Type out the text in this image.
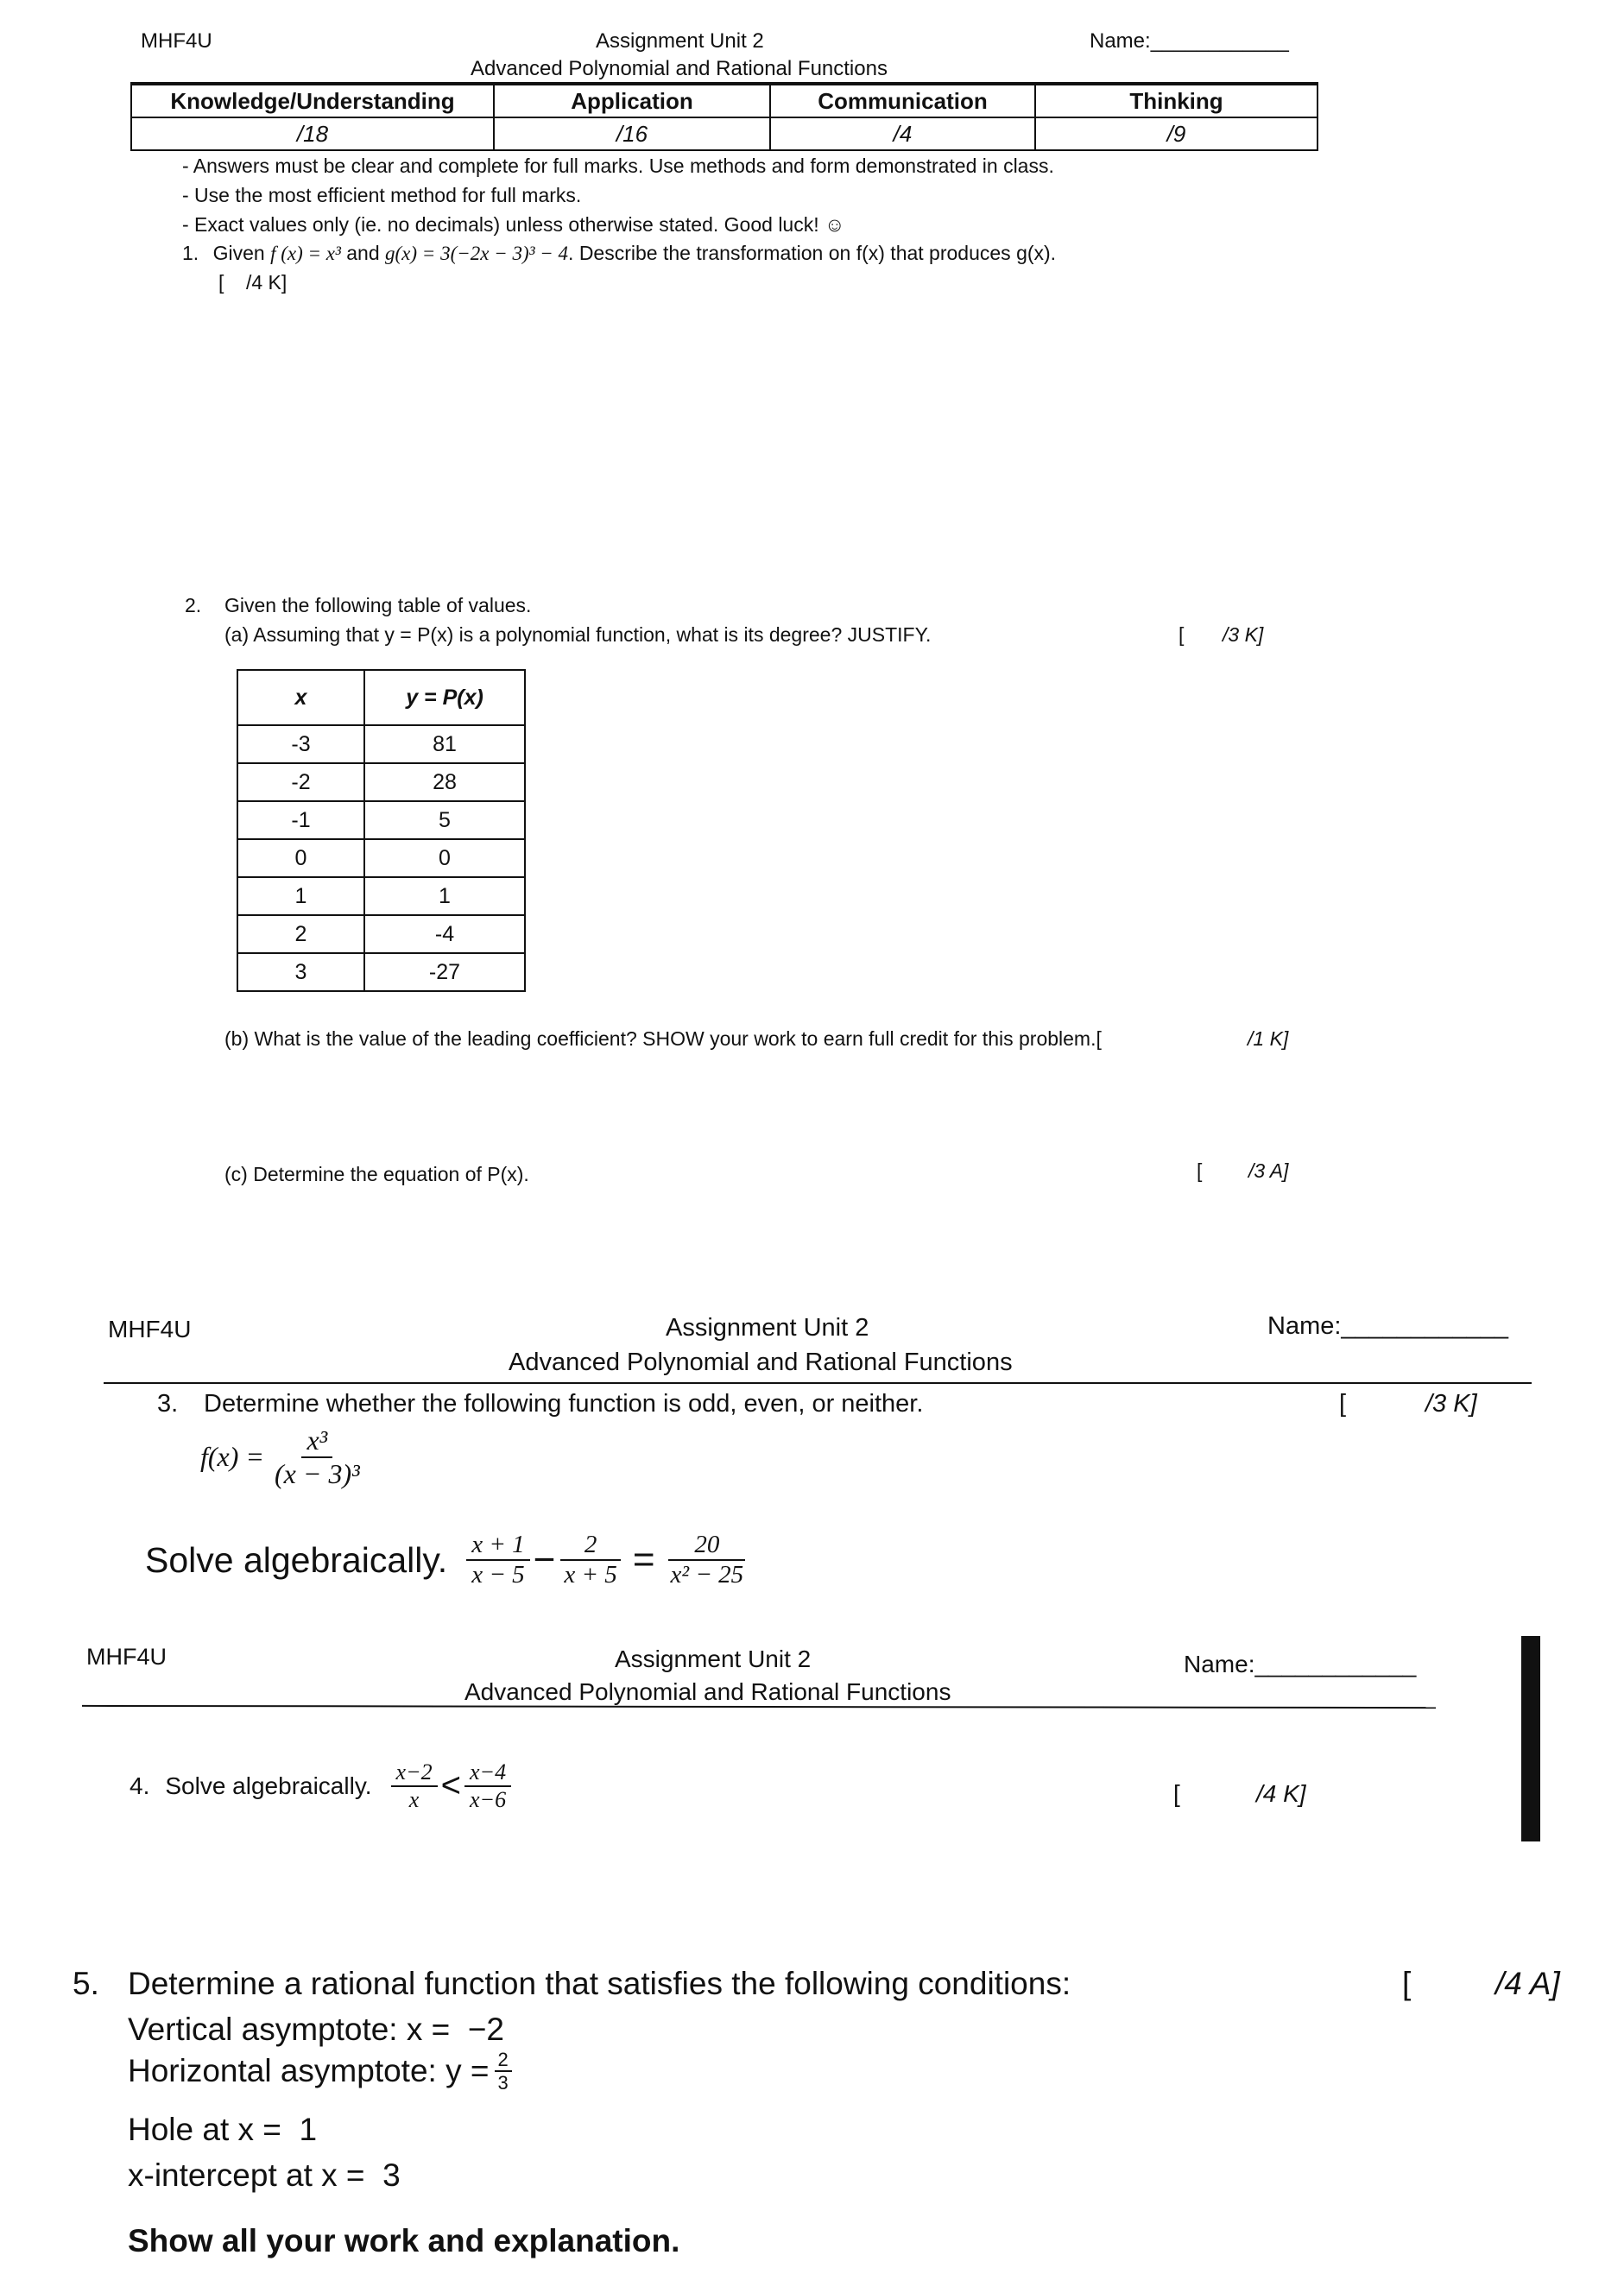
MHF4U	Assignment Unit 2
Advanced Polynomial and Rational Functions
Name:____________
Knowledge/Understanding	Application	Communication	Thinking
/18	/16	/4	/9
- Answers must be clear and complete for full marks. Use methods and form demonstrated in class.
- Use the most efficient method for full marks.
- Exact values only (ie. no decimals) unless otherwise stated. Good luck! ☺
1. Given f (x) = x³ and g(x) = 3(−2x − 3)³ − 4. Describe the transformation on f(x) that produces g(x).
[    /4 K]
2. Given the following table of values.
(a) Assuming that y = P(x) is a polynomial function, what is its degree? JUSTIFY.	[ /3 K]
x	y = P(x)
-3	81
-2	28
-1	5
0	0
1	1
2	-4
3	-27
(b) What is the value of the leading coefficient? SHOW your work to earn full credit for this problem.[	/1 K]
(c) Determine the equation of P(x).	[ /3 A]
MHF4U	Assignment Unit 2
Advanced Polynomial and Rational Functions
Name:____________
3. Determine whether the following function is odd, even, or neither.	[	/3 K]
$f(x) = \frac{\text{x³}}{\text{(x − 3)³}}$
Solve algebraically. $\frac{x + 1}{x - 5} - \frac{2}{x + 5} = \frac{20}{\text{x² − 25}}$
MHF4U	Assignment Unit 2
Advanced Polynomial and Rational Functions
Name:____________
4. Solve algebraically. $\frac{x-2}{x} < \frac{x-4}{x-6}$	[	/4 K]
5. Determine a rational function that satisfies the following conditions:	[	/4 A]
Vertical asymptote: x =  −2
Horizontal asymptote: $y = \frac{2}{3}$
Hole at x =  1
x-intercept at x =  3
Show all your work and explanation.
